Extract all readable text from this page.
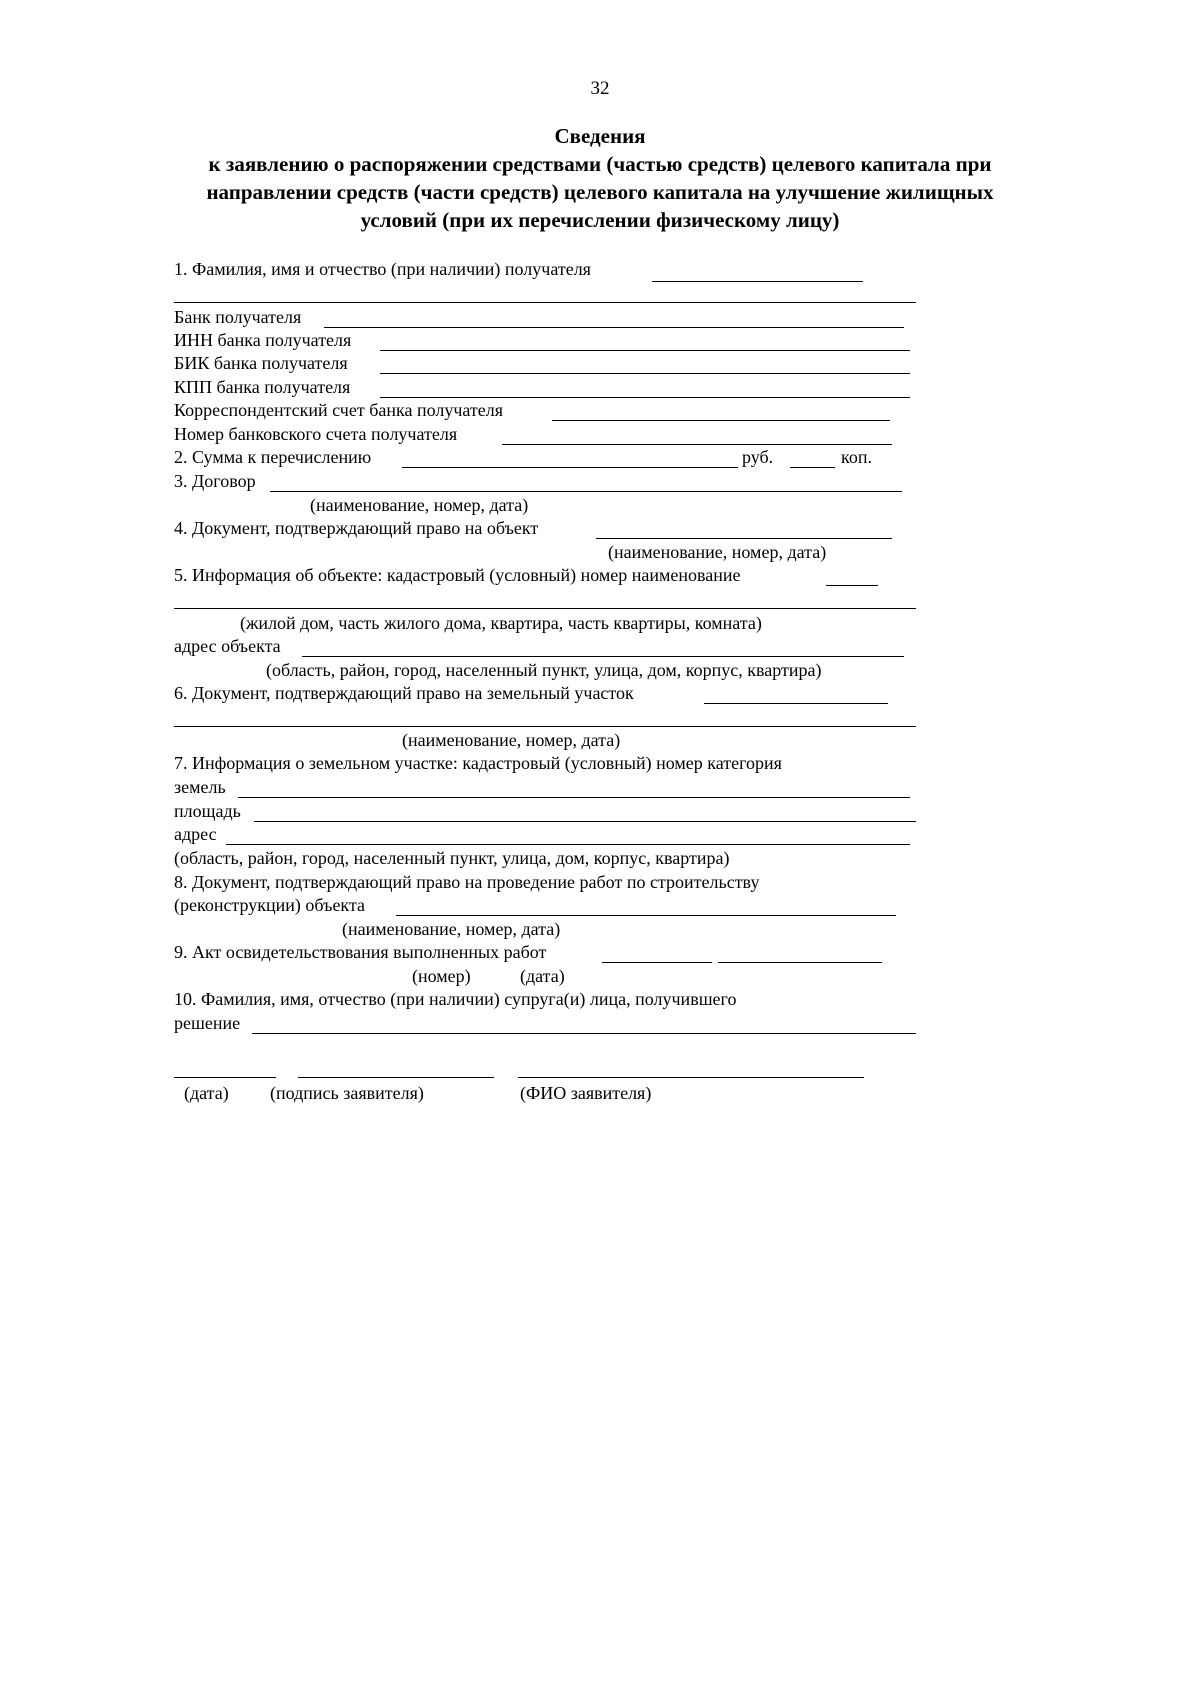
32
Сведения
к заявлению о распоряжении средствами (частью средств) целевого капитала при
направлении средств (части средств) целевого капитала на улучшение жилищных
условий (при их перечислении физическому лицу)
1. Фамилия, имя и отчество (при наличии) получателя
Банк получателя
ИНН банка получателя
БИК банка получателя
КПП банка получателя
Корреспондентский счет банка получателя
Номер банковского счета получателя
2. Сумма к перечислению	руб.	коп.
3. Договор
(наименование, номер, дата)
4. Документ, подтверждающий право на объект
(наименование, номер, дата)
5. Информация об объекте: кадастровый (условный) номер наименование
(жилой дом, часть жилого дома, квартира, часть квартиры, комната)
адрес объекта
(область, район, город, населенный пункт, улица, дом, корпус, квартира)
6. Документ, подтверждающий право на земельный участок
(наименование, номер, дата)
7. Информация о земельном участке: кадастровый (условный) номер категория
земель
площадь
адрес
(область, район, город, населенный пункт, улица, дом, корпус, квартира)
8. Документ, подтверждающий право на проведение работ по строительству
(реконструкции) объекта
(наименование, номер, дата)
9. Акт освидетельствования выполненных работ
(номер)	(дата)
10. Фамилия, имя, отчество (при наличии) супруга(и) лица, получившего
решение
(дата) (подпись заявителя)	(ФИО заявителя)
